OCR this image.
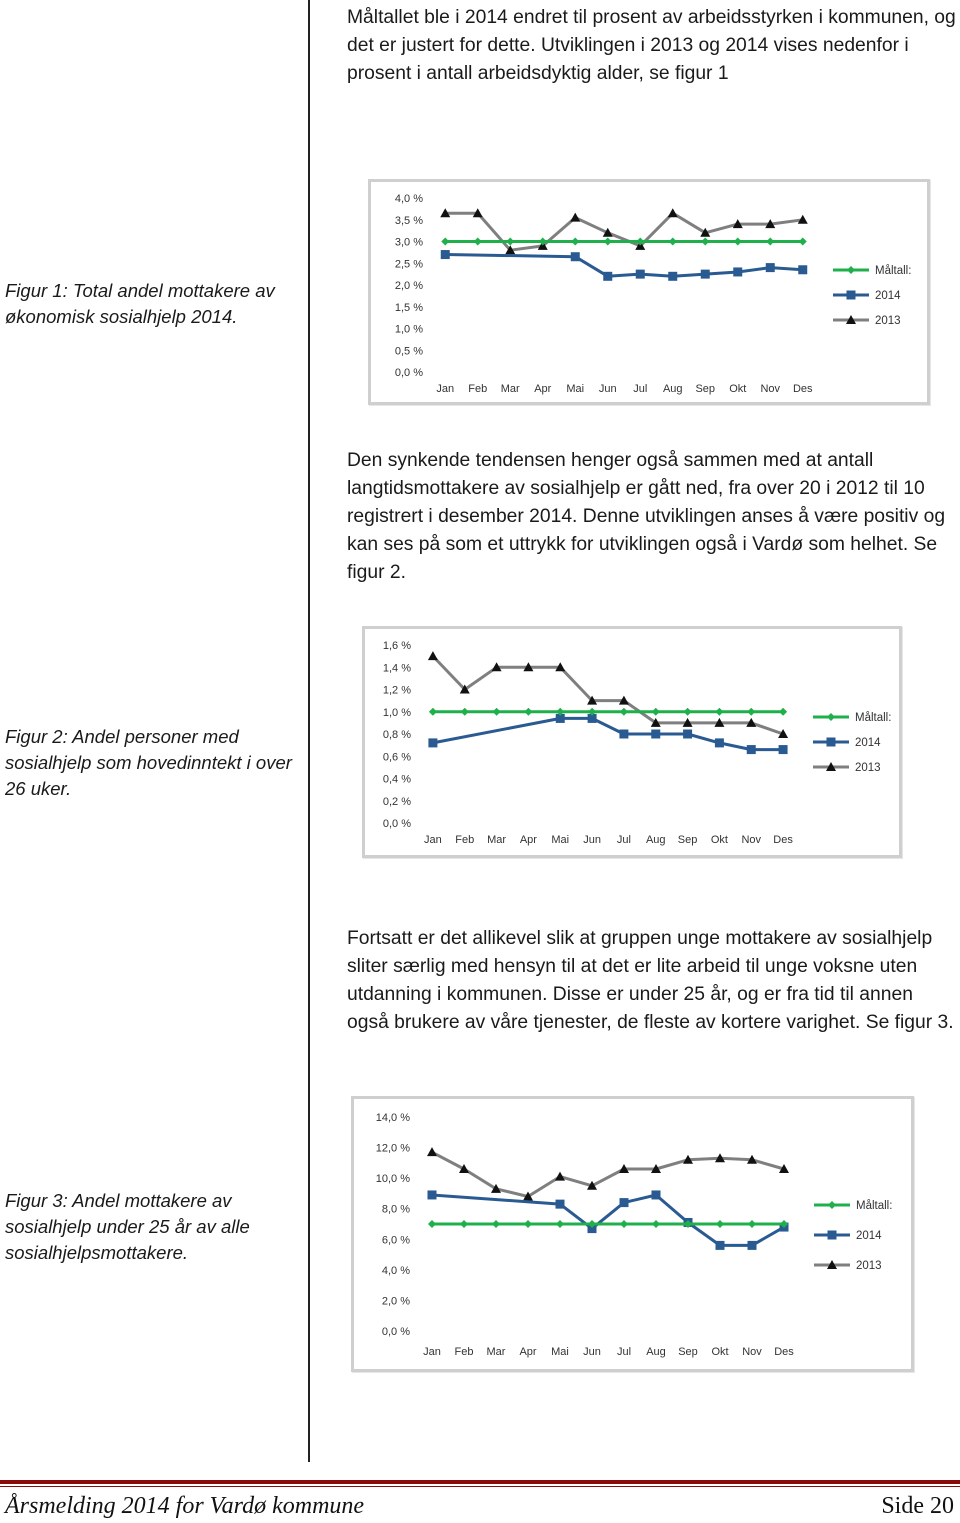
Måltallet ble i 2014 endret til prosent av arbeidsstyrken i kommunen, og det er justert for dette. Utviklingen i 2013 og 2014 vises nedenfor i prosent i antall arbeidsdyktig alder, se figur 1

Figur 1: Total andel mottakere av økonomisk sosialhjelp 2014.

0,0 %
0,5 %
1,0 %
1,5 %
2,0 %
2,5 %
3,0 %
3,5 %
4,0 %
Jan Feb Mar Apr Mai Jun Jul Aug Sep Okt Nov Des
Måltall:
2014
2013

Den synkende tendensen henger også sammen med at antall langtidsmottakere av sosialhjelp er gått ned, fra over 20 i 2012 til 10 registrert i desember 2014. Denne utviklingen anses å være positiv og kan ses på som et uttrykk for utviklingen også i Vardø som helhet. Se figur 2.

Figur 2: Andel personer med sosialhjelp som hovedinntekt i over 26 uker.

0,0 %
0,2 %
0,4 %
0,6 %
0,8 %
1,0 %
1,2 %
1,4 %
1,6 %
Jan Feb Mar Apr Mai Jun Jul Aug Sep Okt Nov Des
Måltall:
2014
2013

Fortsatt er det allikevel slik at gruppen unge mottakere av sosialhjelp sliter særlig med hensyn til at det er lite arbeid til unge voksne uten utdanning i kommunen. Disse er under 25 år, og er fra tid til annen også brukere av våre tjenester, de fleste av kortere varighet. Se figur 3.

Figur 3: Andel mottakere av sosialhjelp under 25 år av alle sosialhjelpsmottakere.

0,0 %
2,0 %
4,0 %
6,0 %
8,0 %
10,0 %
12,0 %
14,0 %
Jan Feb Mar Apr Mai Jun Jul Aug Sep Okt Nov Des
Måltall:
2014
2013
Årsmelding 2014 for Vardø kommune	Side 20
